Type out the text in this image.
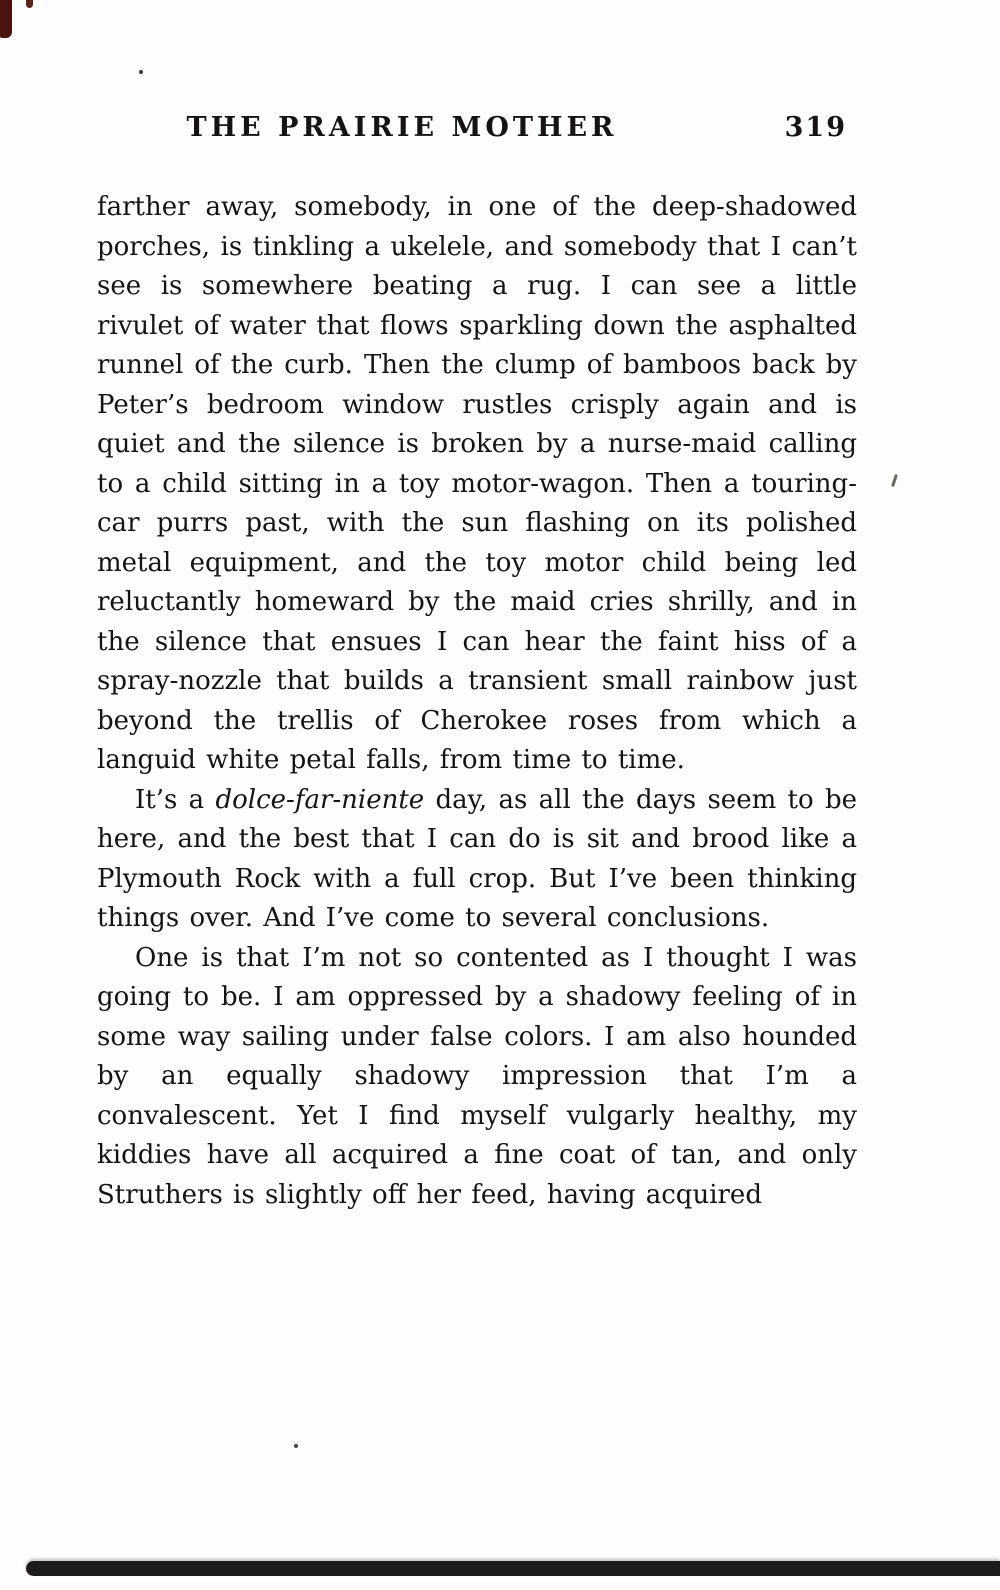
THE PRAIRIE MOTHER	319

farther away, somebody, in one of the deep-shadowed porches, is tinkling a ukelele, and somebody that I can’t see is somewhere beating a rug. I can see a little rivulet of water that flows sparkling down the asphalted runnel of the curb. Then the clump of bamboos back by Peter’s bedroom window rustles crisply again and is quiet and the silence is broken by a nurse-maid calling to a child sitting in a toy motor-wagon. Then a touring-car purrs past, with the sun flashing on its polished metal equipment, and the toy motor child being led reluctantly homeward by the maid cries shrilly, and in the silence that ensues I can hear the faint hiss of a spray-nozzle that builds a transient small rainbow just beyond the trellis of Cherokee roses from which a languid white petal falls, from time to time.

It’s a dolce-far-niente day, as all the days seem to be here, and the best that I can do is sit and brood like a Plymouth Rock with a full crop. But I’ve been thinking things over. And I’ve come to several conclusions.

One is that I’m not so contented as I thought I was going to be. I am oppressed by a shadowy feeling of in some way sailing under false colors. I am also hounded by an equally shadowy impression that I’m a convalescent. Yet I find myself vulgarly healthy, my kiddies have all acquired a fine coat of tan, and only Struthers is slightly off her feed, having acquired
